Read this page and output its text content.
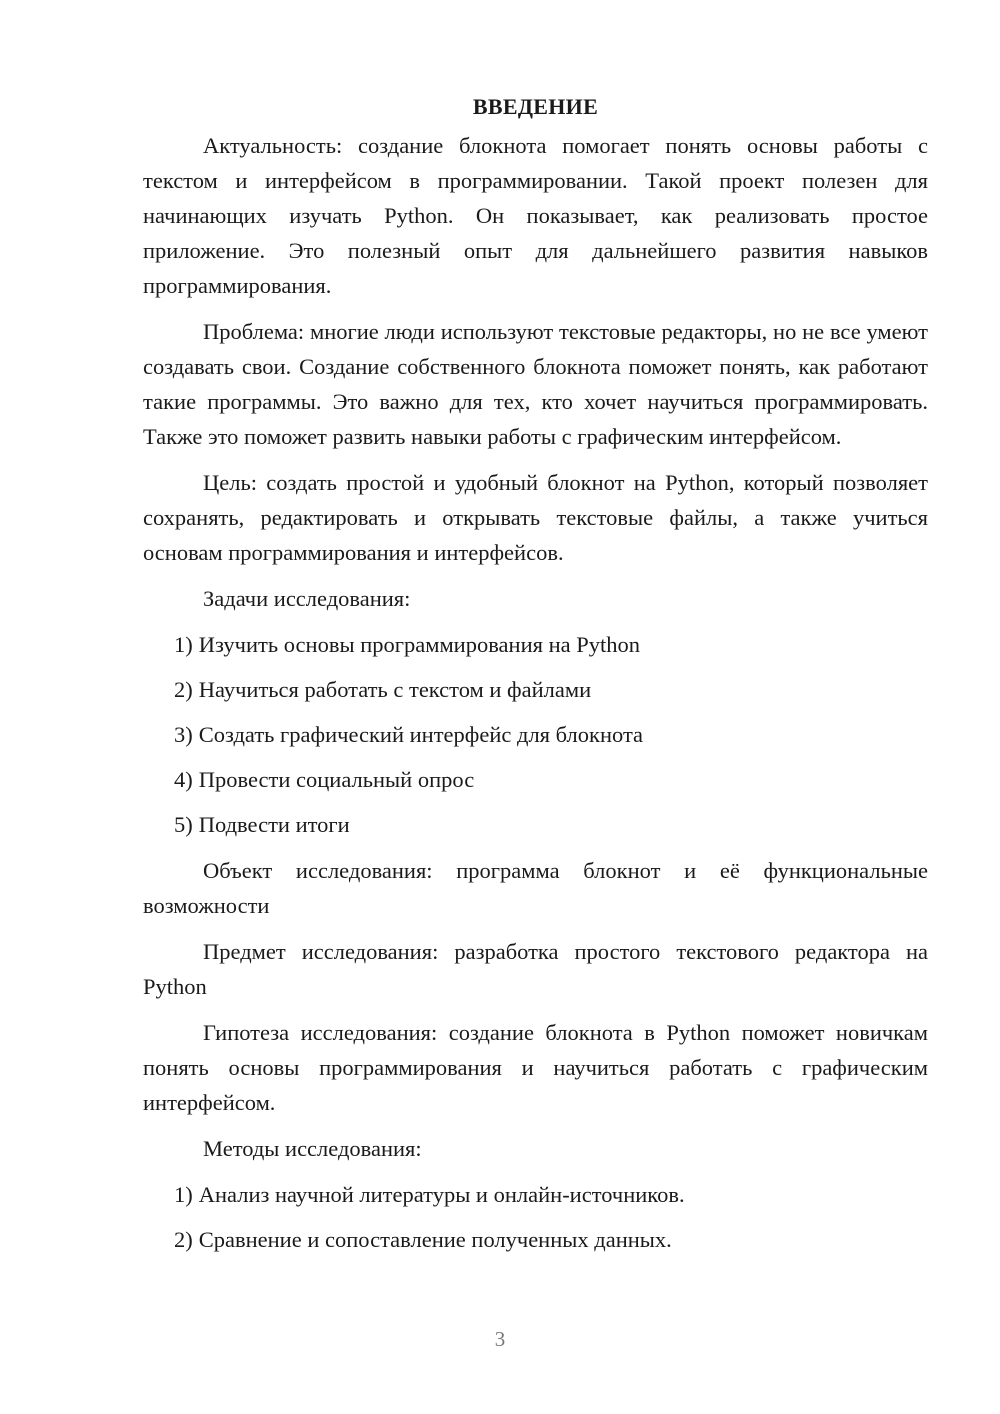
ВВЕДЕНИЕ

Актуальность: создание блокнота помогает понять основы работы с текстом и интерфейсом в программировании. Такой проект полезен для начинающих изучать Python. Он показывает, как реализовать простое приложение. Это полезный опыт для дальнейшего развития навыков программирования.

Проблема: многие люди используют текстовые редакторы, но не все умеют создавать свои. Создание собственного блокнота поможет понять, как работают такие программы. Это важно для тех, кто хочет научиться программировать. Также это поможет развить навыки работы с графическим интерфейсом.

Цель: создать простой и удобный блокнот на Python, который позволяет сохранять, редактировать и открывать текстовые файлы, а также учиться основам программирования и интерфейсов.

Задачи исследования:
1) Изучить основы программирования на Python
2) Научиться работать с текстом и файлами
3) Создать графический интерфейс для блокнота
4) Провести социальный опрос
5) Подвести итоги

Объект исследования: программа блокнот и её функциональные возможности

Предмет исследования: разработка простого текстового редактора на Python

Гипотеза исследования: создание блокнота в Python поможет новичкам понять основы программирования и научиться работать с графическим интерфейсом.

Методы исследования:
1) Анализ научной литературы и онлайн-источников.
2) Сравнение и сопоставление полученных данных.
3
